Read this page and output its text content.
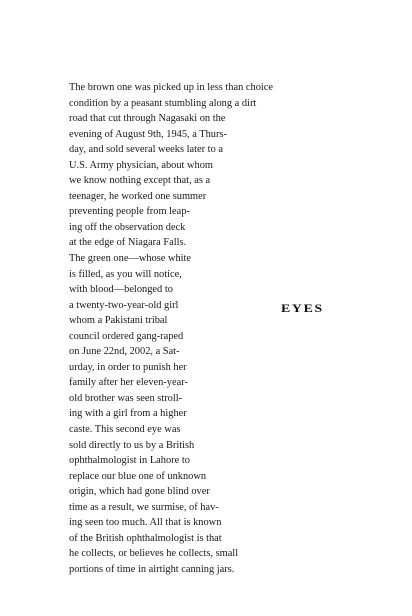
The brown one was picked up in less than choice
condition by a peasant stumbling along a dirt
road that cut through Nagasaki on the
evening of August 9th, 1945, a Thurs-
day, and sold several weeks later to a
U.S. Army physician, about whom
we know nothing except that, as a
teenager, he worked one summer
preventing people from leap-
ing off the observation deck
at the edge of Niagara Falls.
The green one—whose white
is filled, as you will notice,
with blood—belonged to
a twenty-two-year-old girl
whom a Pakistani tribal
council ordered gang-raped
on June 22nd, 2002, a Sat-
urday, in order to punish her
family after her eleven-year-
old brother was seen stroll-
ing with a girl from a higher
caste. This second eye was
sold directly to us by a British
ophthalmologist in Lahore to
replace our blue one of unknown
origin, which had gone blind over
time as a result, we surmise, of hav-
ing seen too much. All that is known
of the British ophthalmologist is that
he collects, or believes he collects, small
portions of time in airtight canning jars.
EYES
